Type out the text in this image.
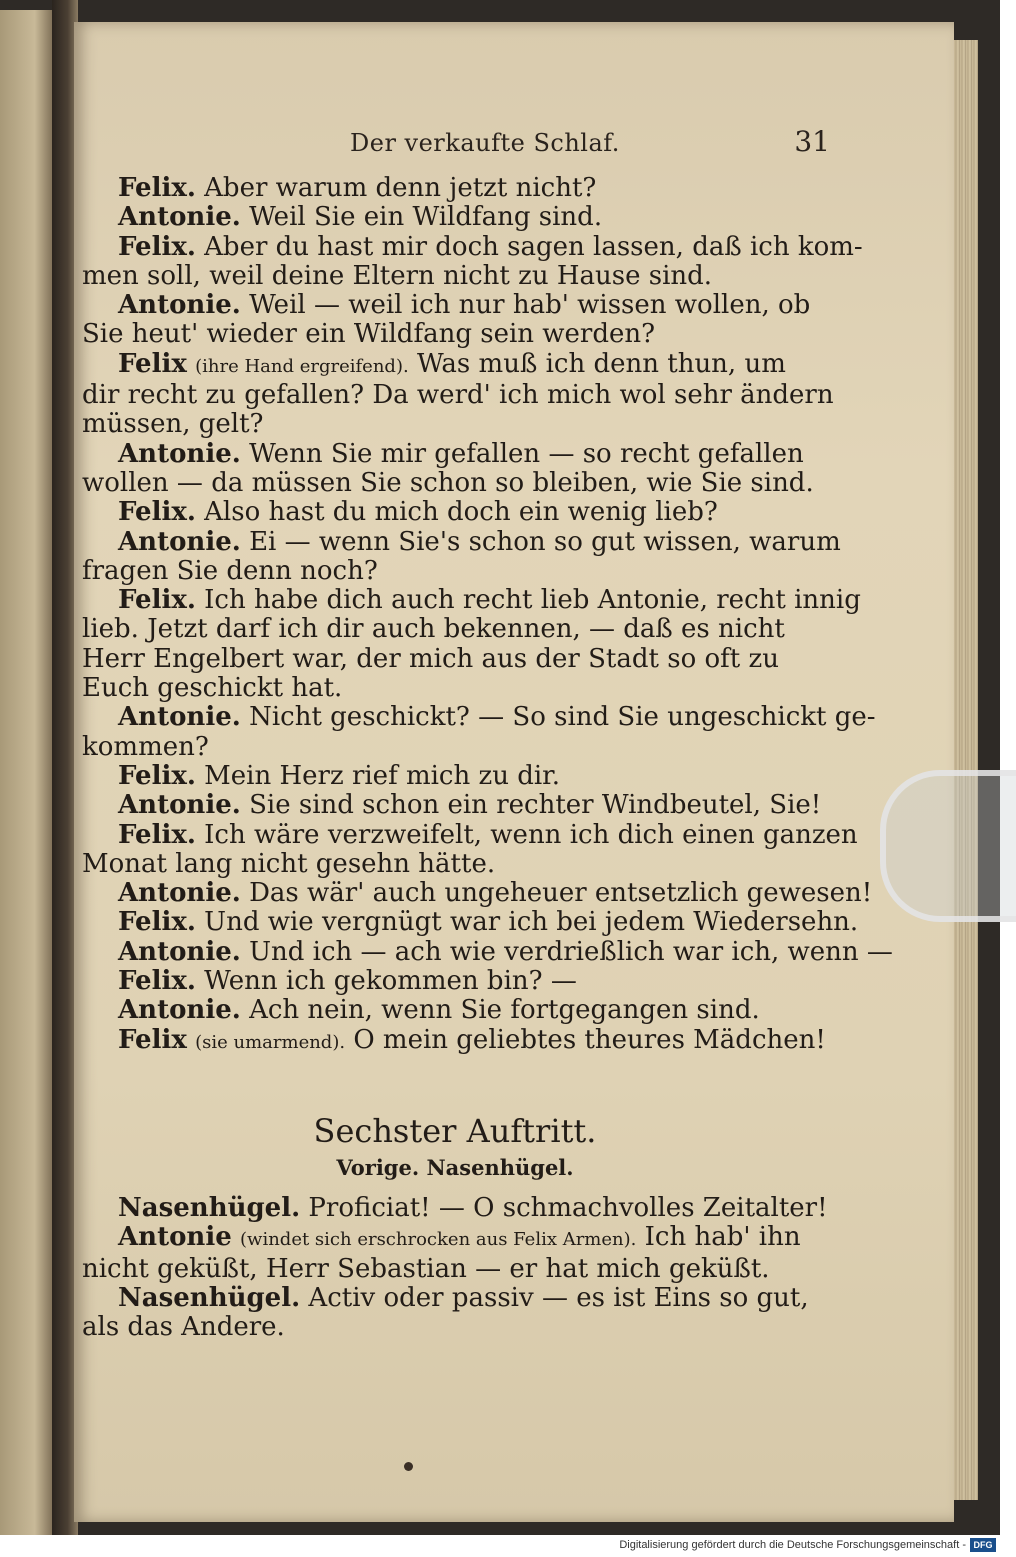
Der verkaufte Schlaf.	31
Felix. Aber warum denn jetzt nicht?
Antonie. Weil Sie ein Wildfang sind.
Felix. Aber du hast mir doch sagen lassen, daß ich kom-
men soll, weil deine Eltern nicht zu Hause sind.
Antonie. Weil — weil ich nur hab' wissen wollen, ob
Sie heut' wieder ein Wildfang sein werden?
Felix (ihre Hand ergreifend). Was muß ich denn thun, um
dir recht zu gefallen? Da werd' ich mich wol sehr ändern
müssen, gelt?
Antonie. Wenn Sie mir gefallen — so recht gefallen
wollen — da müssen Sie schon so bleiben, wie Sie sind.
Felix. Also hast du mich doch ein wenig lieb?
Antonie. Ei — wenn Sie's schon so gut wissen, warum
fragen Sie denn noch?
Felix. Ich habe dich auch recht lieb Antonie, recht innig
lieb. Jetzt darf ich dir auch bekennen, — daß es nicht
Herr Engelbert war, der mich aus der Stadt so oft zu
Euch geschickt hat.
Antonie. Nicht geschickt? — So sind Sie ungeschickt ge-
kommen?
Felix. Mein Herz rief mich zu dir.
Antonie. Sie sind schon ein rechter Windbeutel, Sie!
Felix. Ich wäre verzweifelt, wenn ich dich einen ganzen
Monat lang nicht gesehn hätte.
Antonie. Das wär' auch ungeheuer entsetzlich gewesen!
Felix. Und wie vergnügt war ich bei jedem Wiedersehn.
Antonie. Und ich — ach wie verdrießlich war ich, wenn —
Felix. Wenn ich gekommen bin? —
Antonie. Ach nein, wenn Sie fortgegangen sind.
Felix (sie umarmend). O mein geliebtes theures Mädchen!
Sechster Auftritt.
Vorige. Nasenhügel.
Nasenhügel. Proficiat! — O schmachvolles Zeitalter!
Antonie (windet sich erschrocken aus Felix Armen). Ich hab' ihn
nicht geküßt, Herr Sebastian — er hat mich geküßt.
Nasenhügel. Activ oder passiv — es ist Eins so gut,
als das Andere.
Digitalisierung gefördert durch die Deutsche Forschungsgemeinschaft - DFG
